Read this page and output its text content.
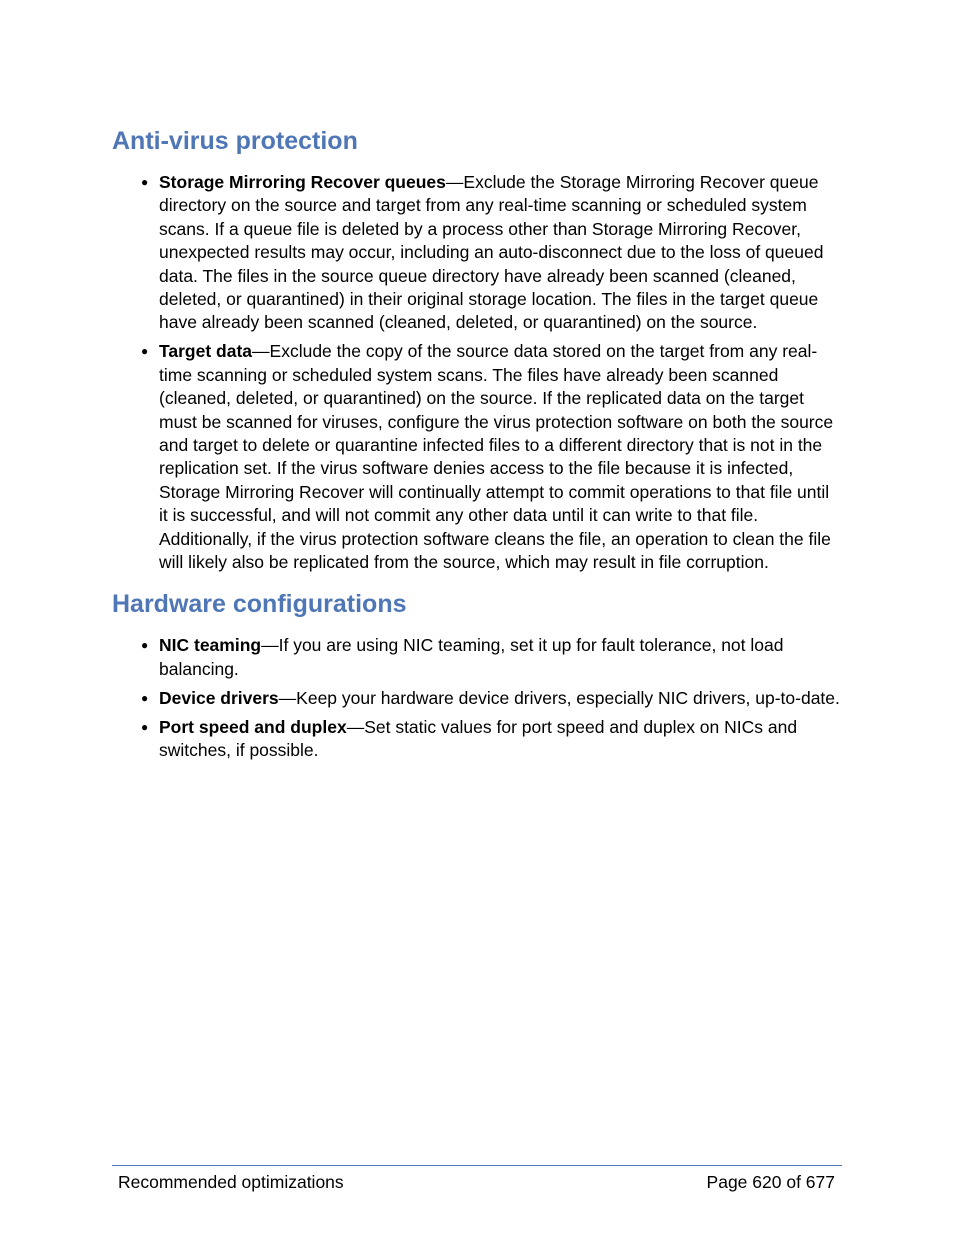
Anti-virus protection
● Storage Mirroring Recover queues—Exclude the Storage Mirroring Recover queue directory on the source and target from any real-time scanning or scheduled system scans. If a queue file is deleted by a process other than Storage Mirroring Recover, unexpected results may occur, including an auto-disconnect due to the loss of queued data. The files in the source queue directory have already been scanned (cleaned, deleted, or quarantined) in their original storage location. The files in the target queue have already been scanned (cleaned, deleted, or quarantined) on the source.
● Target data—Exclude the copy of the source data stored on the target from any real-time scanning or scheduled system scans. The files have already been scanned (cleaned, deleted, or quarantined) on the source. If the replicated data on the target must be scanned for viruses, configure the virus protection software on both the source and target to delete or quarantine infected files to a different directory that is not in the replication set. If the virus software denies access to the file because it is infected, Storage Mirroring Recover will continually attempt to commit operations to that file until it is successful, and will not commit any other data until it can write to that file. Additionally, if the virus protection software cleans the file, an operation to clean the file will likely also be replicated from the source, which may result in file corruption.
Hardware configurations
● NIC teaming—If you are using NIC teaming, set it up for fault tolerance, not load balancing.
● Device drivers—Keep your hardware device drivers, especially NIC drivers, up-to-date.
● Port speed and duplex—Set static values for port speed and duplex on NICs and switches, if possible.
Recommended optimizations	Page 620 of 677
